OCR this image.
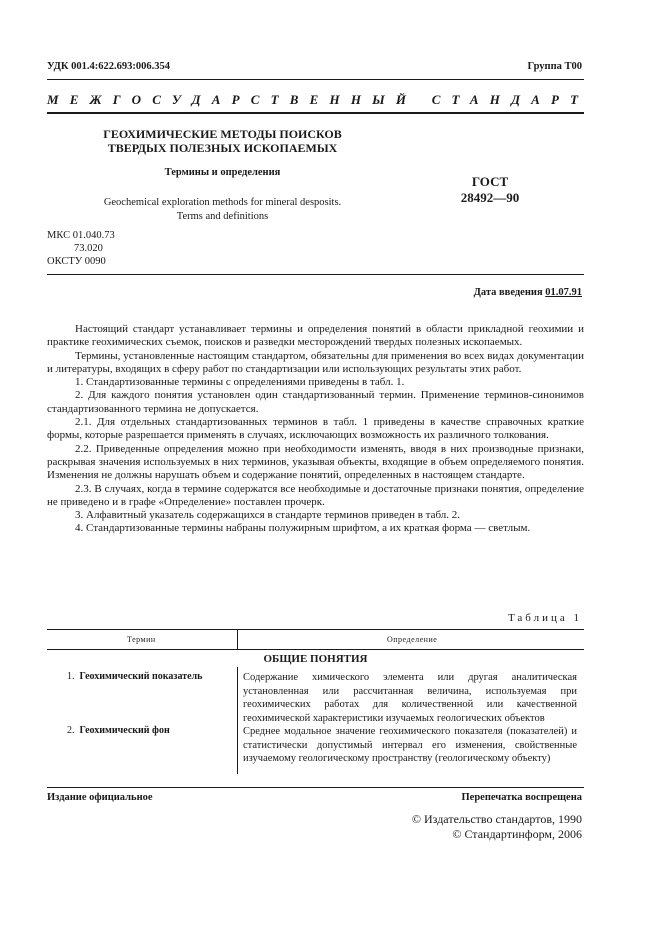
УДК 001.4:622.693:006.354	Группа Т00
МЕЖГОСУДАРСТВЕННЫЙ СТАНДАРТ
ГЕОХИМИЧЕСКИЕ МЕТОДЫ ПОИСКОВ
ТВЕРДЫХ ПОЛЕЗНЫХ ИСКОПАЕМЫХ
Термины и определения
ГОСТ
28492—90
Geochemical exploration methods for mineral desposits.
Terms and definitions
МКС 01.040.73
73.020
ОКСТУ 0090
Дата введения 01.07.91

Настоящий стандарт устанавливает термины и определения понятий в области прикладной геохимии и практике геохимических съемок, поисков и разведки месторождений твердых полезных ископаемых.

Термины, установленные настоящим стандартом, обязательны для применения во всех видах документации и литературы, входящих в сферу работ по стандартизации или использующих результаты этих работ.

1. Стандартизованные термины с определениями приведены в табл. 1.

2. Для каждого понятия установлен один стандартизованный термин. Применение терминов-синонимов стандартизованного термина не допускается.

2.1. Для отдельных стандартизованных терминов в табл. 1 приведены в качестве справочных краткие формы, которые разрешается применять в случаях, исключающих возможность их различного толкования.

2.2. Приведенные определения можно при необходимости изменять, вводя в них производные признаки, раскрывая значения используемых в них терминов, указывая объекты, входящие в объем определяемого понятия. Изменения не должны нарушать объем и содержание понятий, определенных в настоящем стандарте.

2.3. В случаях, когда в термине содержатся все необходимые и достаточные признаки понятия, определение не приведено и в графе «Определение» поставлен прочерк.

3. Алфавитный указатель содержащихся в стандарте терминов приведен в табл. 2.

4. Стандартизованные термины набраны полужирным шрифтом, а их краткая форма — светлым.

Таблица 1
Термин	Определение
ОБЩИЕ ПОНЯТИЯ
1. Геохимический показатель	Содержание химического элемента или другая аналитическая установленная или рассчитанная величина, используемая при геохимических работах для количественной или качественной геохимической характеристики изучаемых геологических объектов
2. Геохимический фон	Среднее модальное значение геохимического показателя (показателей) и статистически допустимый интервал его изменения, свойственные изучаемому геологическому пространству (геологическому объекту)
Издание официальное	Перепечатка воспрещена
© Издательство стандартов, 1990
© Стандартинформ, 2006
